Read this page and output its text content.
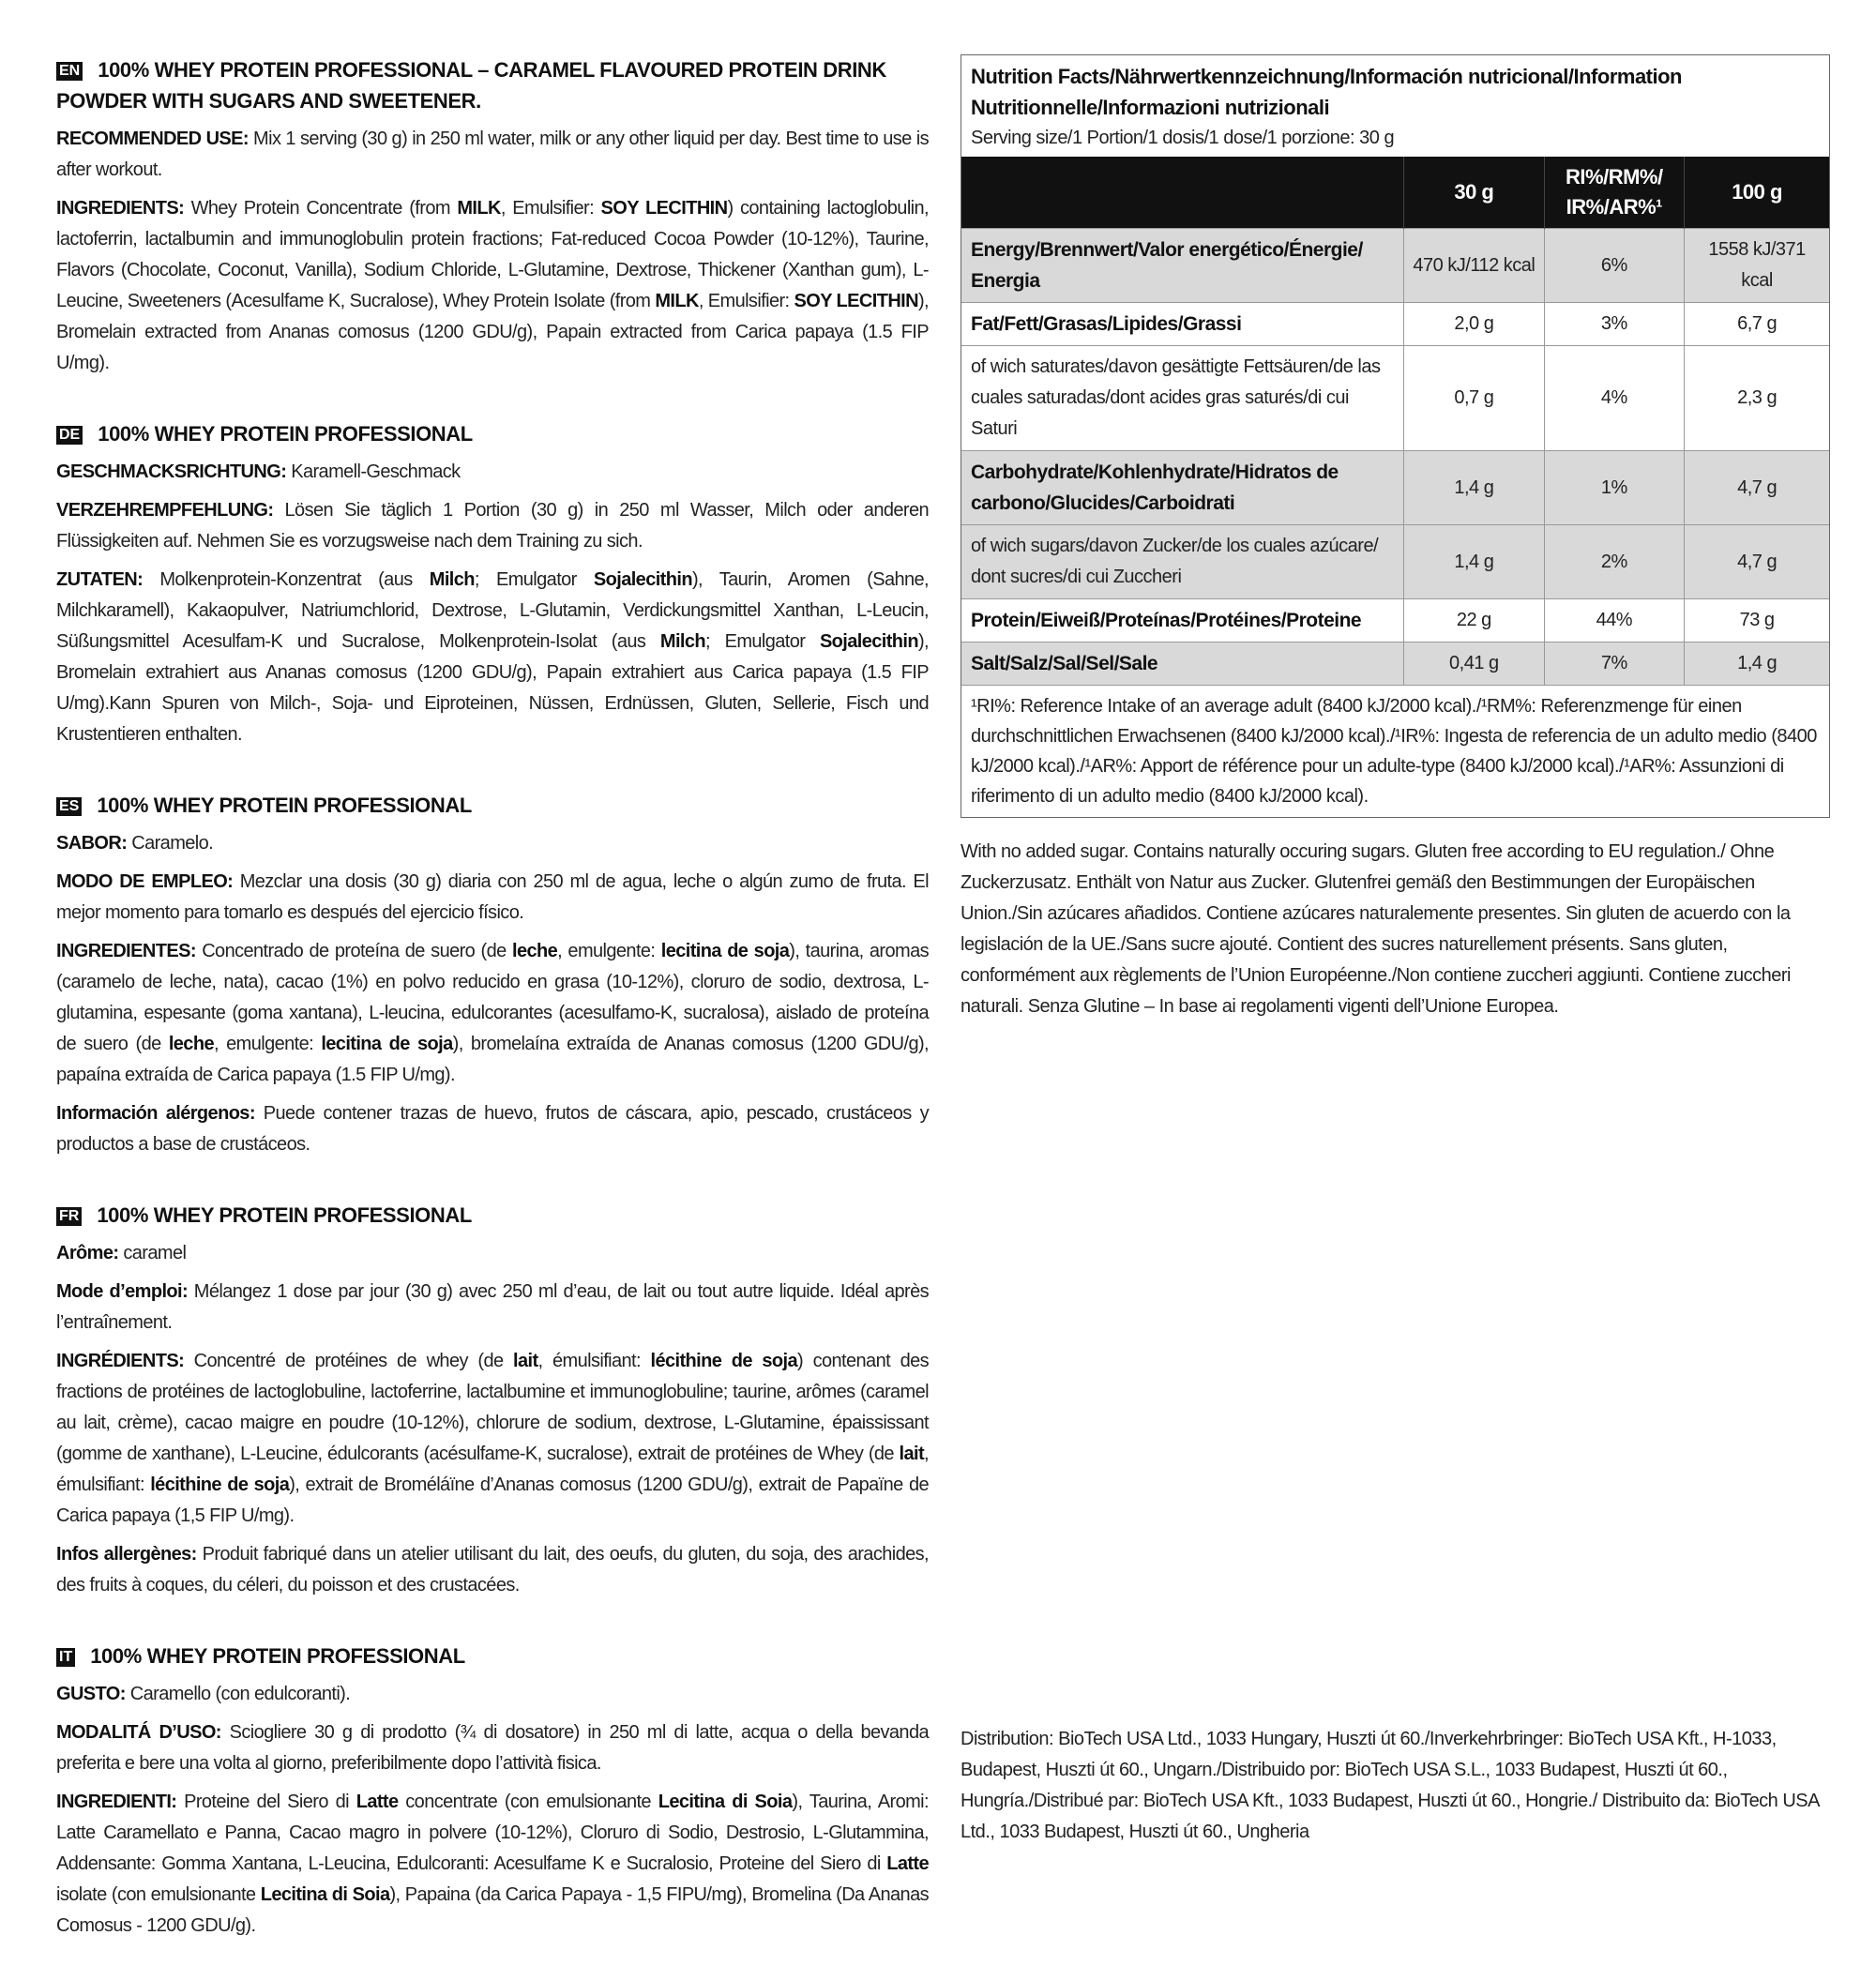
EN 100% WHEY PROTEIN PROFESSIONAL – CARAMEL FLAVOURED PROTEIN DRINK POWDER WITH SUGARS AND SWEETENER.

RECOMMENDED USE: Mix 1 serving (30 g) in 250 ml water, milk or any other liquid per day. Best time to use is after workout.

INGREDIENTS: Whey Protein Concentrate (from MILK, Emulsifier: SOY LECITHIN) containing lactoglobulin, lactoferrin, lactalbumin and immunoglobulin protein fractions; Fat-reduced Cocoa Powder (10-12%), Taurine, Flavors (Chocolate, Coconut, Vanilla), Sodium Chloride, L-Glutamine, Dextrose, Thickener (Xanthan gum), L-Leucine, Sweeteners (Acesulfame K, Sucralose), Whey Protein Isolate (from MILK, Emulsifier: SOY LECITHIN), Bromelain extracted from Ananas comosus (1200 GDU/g), Papain extracted from Carica papaya (1.5 FIP U/mg).

DE 100% WHEY PROTEIN PROFESSIONAL

GESCHMACKSRICHTUNG: Karamell-Geschmack

VERZEHREMPFEHLUNG: Lösen Sie täglich 1 Portion (30 g) in 250 ml Wasser, Milch oder anderen Flüssigkeiten auf. Nehmen Sie es vorzugsweise nach dem Training zu sich.

ZUTATEN: Molkenprotein-Konzentrat (aus Milch; Emulgator Sojalecithin), Taurin, Aromen (Sahne, Milchkaramell), Kakaopulver, Natriumchlorid, Dextrose, L-Glutamin, Verdickungsmittel Xanthan, L-Leucin, Süßungsmittel Acesulfam-K und Sucralose, Molkenprotein-Isolat (aus Milch; Emulgator Sojalecithin), Bromelain extrahiert aus Ananas comosus (1200 GDU/g), Papain extrahiert aus Carica papaya (1.5 FIP U/mg).Kann Spuren von Milch-, Soja- und Eiproteinen, Nüssen, Erdnüssen, Gluten, Sellerie, Fisch und Krustentieren enthalten.

ES 100% WHEY PROTEIN PROFESSIONAL

SABOR: Caramelo.

MODO DE EMPLEO: Mezclar una dosis (30 g) diaria con 250 ml de agua, leche o algún zumo de fruta. El mejor momento para tomarlo es después del ejercicio físico.

INGREDIENTES: Concentrado de proteína de suero (de leche, emulgente: lecitina de soja), taurina, aromas (caramelo de leche, nata), cacao (1%) en polvo reducido en grasa (10-12%), cloruro de sodio, dextrosa, L-glutamina, espesante (goma xantana), L-leucina, edulcorantes (acesulfamo-K, sucralosa), aislado de proteína de suero (de leche, emulgente: lecitina de soja), bromelaína extraída de Ananas comosus (1200 GDU/g), papaína extraída de Carica papaya (1.5 FIP U/mg).

Información alérgenos: Puede contener trazas de huevo, frutos de cáscara, apio, pescado, crustáceos y productos a base de crustáceos.

FR 100% WHEY PROTEIN PROFESSIONAL

Arôme: caramel

Mode d’emploi: Mélangez 1 dose par jour (30 g) avec 250 ml d’eau, de lait ou tout autre liquide. Idéal après l’entraînement.

INGRÉDIENTS: Concentré de protéines de whey (de lait, émulsifiant: lécithine de soja) contenant des fractions de protéines de lactoglobuline, lactoferrine, lactalbumine et immunoglobuline; taurine, arômes (caramel au lait, crème), cacao maigre en poudre (10-12%), chlorure de sodium, dextrose, L-Glutamine, épaississant (gomme de xanthane), L-Leucine, édulcorants (acésulfame-K, sucralose), extrait de protéines de Whey (de lait, émulsifiant: lécithine de soja), extrait de Broméláïne d’Ananas comosus (1200 GDU/g), extrait de Papaïne de Carica papaya (1,5 FIP U/mg).

Infos allergènes: Produit fabriqué dans un atelier utilisant du lait, des oeufs, du gluten, du soja, des arachides, des fruits à coques, du céleri, du poisson et des crustacées.

IT 100% WHEY PROTEIN PROFESSIONAL

GUSTO: Caramello (con edulcoranti).

MODALITÁ D’USO: Sciogliere 30 g di prodotto (¾ di dosatore) in 250 ml di latte, acqua o della bevanda preferita e bere una volta al giorno, preferibilmente dopo l’attività fisica.

INGREDIENTI: Proteine del Siero di Latte concentrate (con emulsionante Lecitina di Soia), Taurina, Aromi: Latte Caramellato e Panna, Cacao magro in polvere (10-12%), Cloruro di Sodio, Destrosio, L-Glutammina, Addensante: Gomma Xantana, L-Leucina, Edulcoranti: Acesulfame K e Sucralosio, Proteine del Siero di Latte isolate (con emulsionante Lecitina di Soia), Papaina (da Carica Papaya - 1,5 FIPU/mg), Bromelina (Da Ananas Comosus - 1200 GDU/g).

Nutrition Facts/Nährwertkennzeichnung/Información nutricional/Information Nutritionnelle/Informazioni nutrizionali
Serving size/1 Portion/1 dosis/1 dose/1 porzione: 30 g
	30 g	RI%/RM%/ IR%/AR%¹	100 g
Energy/Brennwert/Valor energético/Énergie/ Energia	470 kJ/112 kcal	6%	1558 kJ/371 kcal
Fat/Fett/Grasas/Lipides/Grassi	2,0 g	3%	6,7 g
of wich saturates/davon gesättigte Fettsäuren/de las cuales saturadas/dont acides gras saturés/di cui Saturi	0,7 g	4%	2,3 g
Carbohydrate/Kohlenhydrate/Hidratos de carbono/Glucides/Carboidrati	1,4 g	1%	4,7 g
of wich sugars/davon Zucker/de los cuales azúcare/ dont sucres/di cui Zuccheri	1,4 g	2%	4,7 g
Protein/Eiweiß/Proteínas/Protéines/Proteine	22 g	44%	73 g
Salt/Salz/Sal/Sel/Sale	0,41 g	7%	1,4 g
¹RI%: Reference Intake of an average adult (8400 kJ/2000 kcal)./¹RM%: Referenzmenge für einen durchschnittlichen Erwachsenen (8400 kJ/2000 kcal)./¹IR%: Ingesta de referencia de un adulto medio (8400 kJ/2000 kcal)./¹AR%: Apport de référence pour un adulte-type (8400 kJ/2000 kcal)./¹AR%: Assunzioni di riferimento di un adulto medio (8400 kJ/2000 kcal).
With no added sugar. Contains naturally occuring sugars. Gluten free according to EU regulation./ Ohne Zuckerzusatz. Enthält von Natur aus Zucker. Glutenfrei gemäß den Bestimmungen der Europäischen Union./Sin azúcares añadidos. Contiene azúcares naturalemente presentes. Sin gluten de acuerdo con la legislación de la UE./Sans sucre ajouté. Contient des sucres naturellement présents. Sans gluten, conformément aux règlements de l’Union Européenne./Non contiene zuccheri aggiunti. Contiene zuccheri naturali. Senza Glutine – In base ai regolamenti vigenti dell’Unione Europea.
Distribution: BioTech USA Ltd., 1033 Hungary, Huszti út 60./Inverkehrbringer: BioTech USA Kft., H-1033, Budapest, Huszti út 60., Ungarn./Distribuido por: BioTech USA S.L., 1033 Budapest, Huszti út 60., Hungría./Distribué par: BioTech USA Kft., 1033 Budapest, Huszti út 60., Hongrie./ Distribuito da: BioTech USA Ltd., 1033 Budapest, Huszti út 60., Ungheria
